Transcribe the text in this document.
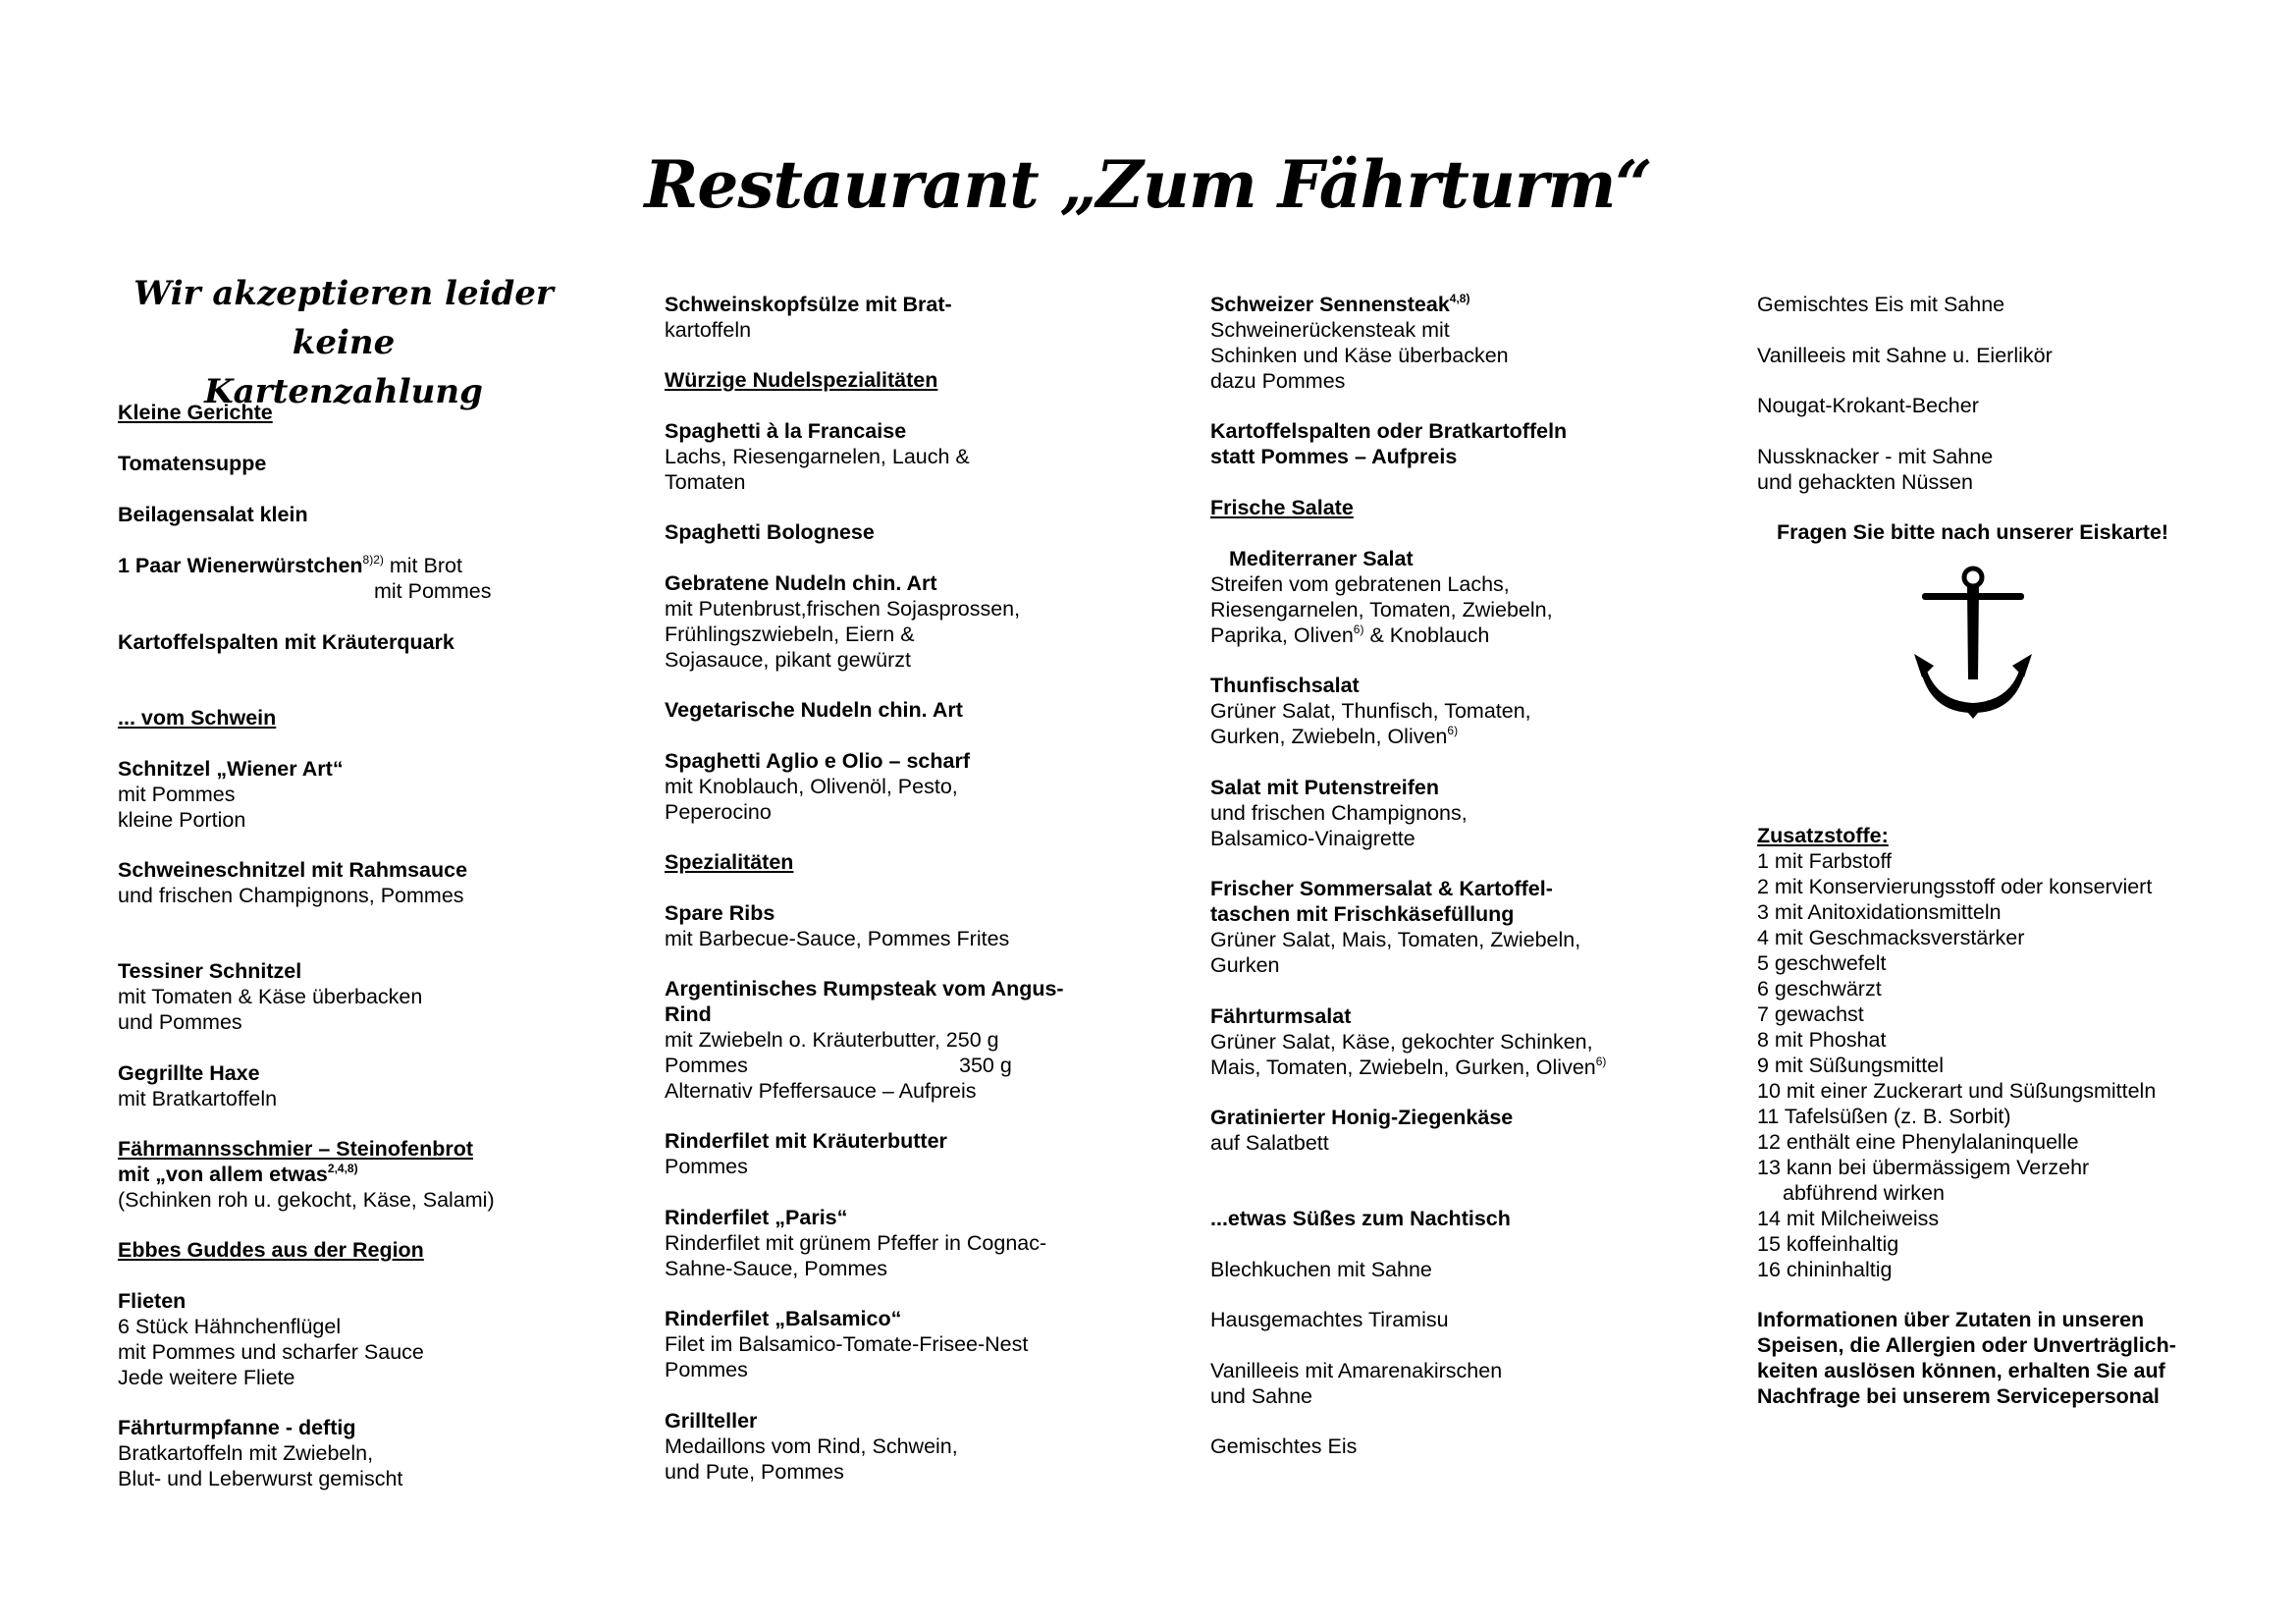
Restaurant „Zum Fährturm“
Wir akzeptieren leider keine
Kartenzahlung
Kleine Gerichte
Tomatensuppe
Beilagensalat klein
1 Paar Wienerwürstchen$^{8)2)}$ mit Brot
mit Pommes
Kartoffelspalten mit Kräuterquark
... vom Schwein
Schnitzel „Wiener Art“
mit Pommes
kleine Portion
Schweineschnitzel mit Rahmsauce
und frischen Champignons, Pommes
Tessiner Schnitzel
mit Tomaten & Käse überbacken
und Pommes
Gegrillte Haxe
mit Bratkartoffeln
Fährmannsschmier – Steinofenbrot
mit „von allem etwas$^{2,4,8)}$
(Schinken roh u. gekocht, Käse, Salami)
Ebbes Guddes aus der Region
Flieten
6 Stück Hähnchenflügel
mit Pommes und scharfer Sauce
Jede weitere Fliete
Fährturmpfanne - deftig
Bratkartoffeln mit Zwiebeln,
Blut- und Leberwurst gemischt
Schweinskopfsülze mit Brat-
kartoffeln
Würzige Nudelspezialitäten
Spaghetti à la Francaise
Lachs, Riesengarnelen, Lauch &
Tomaten
Spaghetti Bolognese
Gebratene Nudeln chin. Art
mit Putenbrust,frischen Sojasprossen,
Frühlingszwiebeln, Eiern &
Sojasauce, pikant gewürzt
Vegetarische Nudeln chin. Art
Spaghetti Aglio e Olio – scharf
mit Knoblauch, Olivenöl, Pesto,
Peperocino
Spezialitäten
Spare Ribs
mit Barbecue-Sauce, Pommes Frites
Argentinisches Rumpsteak vom Angus-
Rind
mit Zwiebeln o. Kräuterbutter, 250 g
Pommes	350 g
Alternativ Pfeffersauce – Aufpreis
Rinderfilet mit Kräuterbutter
Pommes
Rinderfilet „Paris“
Rinderfilet mit grünem Pfeffer in Cognac-
Sahne-Sauce, Pommes
Rinderfilet „Balsamico“
Filet im Balsamico-Tomate-Frisee-Nest
Pommes
Grillteller
Medaillons vom Rind, Schwein,
und Pute, Pommes
Schweizer Sennensteak$^{4,8)}$
Schweinerückensteak mit
Schinken und Käse überbacken
dazu Pommes
Kartoffelspalten oder Bratkartoffeln
statt Pommes – Aufpreis
Frische Salate
Mediterraner Salat
Streifen vom gebratenen Lachs,
Riesengarnelen, Tomaten, Zwiebeln,
Paprika, Oliven$^{6)}$ & Knoblauch
Thunfischsalat
Grüner Salat, Thunfisch, Tomaten,
Gurken, Zwiebeln, Oliven$^{6)}$
Salat mit Putenstreifen
und frischen Champignons,
Balsamico-Vinaigrette
Frischer Sommersalat & Kartoffel-
taschen mit Frischkäsefüllung
Grüner Salat, Mais, Tomaten, Zwiebeln,
Gurken
Fährturmsalat
Grüner Salat, Käse, gekochter Schinken,
Mais, Tomaten, Zwiebeln, Gurken, Oliven$^{6)}$
Gratinierter Honig-Ziegenkäse
auf Salatbett
...etwas Süßes zum Nachtisch
Blechkuchen mit Sahne
Hausgemachtes Tiramisu
Vanilleeis mit Amarenakirschen
und Sahne
Gemischtes Eis
Gemischtes Eis mit Sahne
Vanilleeis mit Sahne u. Eierlikör
Nougat-Krokant-Becher
Nussknacker - mit Sahne
und gehackten Nüssen
Fragen Sie bitte nach unserer Eiskarte!
Zusatzstoffe:
1 mit Farbstoff
2 mit Konservierungsstoff oder konserviert
3 mit Anitoxidationsmitteln
4 mit Geschmacksverstärker
5 geschwefelt
6 geschwärzt
7 gewachst
8 mit Phoshat
9 mit Süßungsmittel
10 mit einer Zuckerart und Süßungsmitteln
11 Tafelsüßen (z. B. Sorbit)
12 enthält eine Phenylalaninquelle
13 kann bei übermässigem Verzehr
abführend wirken
14 mit Milcheiweiss
15 koffeinhaltig
16 chininhaltig
Informationen über Zutaten in unseren
Speisen, die Allergien oder Unverträglich-
keiten auslösen können, erhalten Sie auf
Nachfrage bei unserem Servicepersonal
